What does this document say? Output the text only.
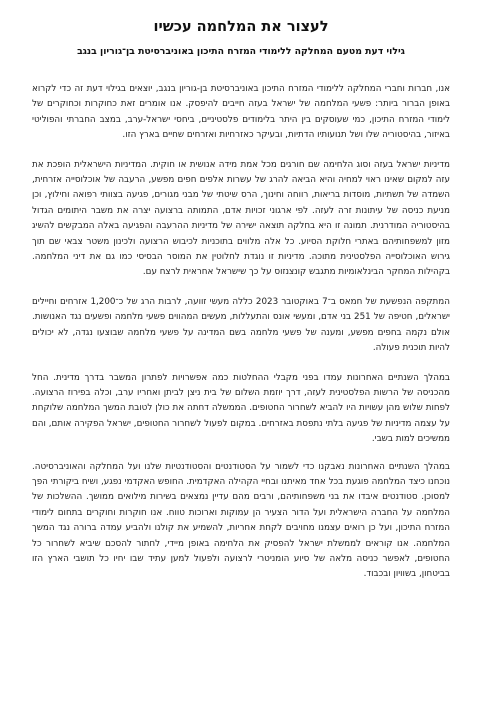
לעצור את המלחמה עכשיו
גילוי דעת מטעם המחלקה ללימודי המזרח התיכון באוניברסיטת בן־גוריון בנגב

אנו, חברות וחברי המחלקה ללימודי המזרח התיכון באוניברסיטת בן-גוריון בנגב, יוצאים בגילוי דעת זה כדי לקרוא באופן הברור ביותר: פשעי המלחמה של ישראל בעזה חייבים להיפסק. אנו אומרים זאת כחוקרות וכחוקרים של לימודי המזרח התיכון, כמי שעוסקים בין היתר בלימודים פלסטיניים, ביחסי ישראל-ערב, במצב החברתי והפוליטי באיזור, בהיסטוריה שלו ושל תנועותיו הדתיות, ובעיקר כאזרחיות ואזרחים שחיים בארץ הזו.

מדיניות ישראל בעזה וסוג הלחימה שם חורגים מכל אמת מידה אנושית או חוקית. המדיניות הישראלית הופכת את עזה למקום שאינו ראוי למחיה והיא הביאה להרג של עשרות אלפים חפים מפשע, הרעבה של אוכלוסייה אזרחית, השמדה של תשתיות, מוסדות בריאות, רווחה וחינוך, הרס שיטתי של מבני מגורים, פגיעה בצוותי רפואה וחילוץ, וכן מניעת כניסה של עיתונות זרה לעזה. לפי ארגוני זכויות אדם, התמותה ברצועה יצרה את משבר היתומים הגדול בהיסטוריה המודרנית. תמונה זו היא בחלקה תוצאה ישירה של מדיניות ההרעבה והפגיעה באלה המבקשים להשיג מזון למשפחותיהם באתרי חלוקת הסיוע. כל אלה מלווים בתוכניות לכיבוש הרצועה ולכינון משטר צבאי שם תוך גירוש האוכלוסייה הפלסטינית מתוכה. מדיניות זו נוגדת לחלוטין את המוסר הבסיסי כמו גם את דיני המלחמה. בקהילות המחקר הבינלאומיות מתגבש קונצנזוס על כך שישראל אחראית לרצח עם.

המתקפה הנפשעת של חמאס ב־7 באוקטובר 2023 כללה מעשי זוועה, לרבות הרג של כ־1,200 אזרחים וחיילים ישראלים, חטיפה של 251 בני אדם, ומעשי אונס והתעללות, מעשים המהווים פשעי מלחמה ופשעים נגד האנושות. אולם נקמה בחפים מפשע, ומענה של פשעי מלחמה בשם המדינה על פשעי מלחמה שבוצעו נגדה, לא יכולים להיות תוכנית פעולה.

במהלך השנתיים האחרונות עמדו בפני מקבלי ההחלטות כמה אפשרויות לפתרון המשבר בדרך מדינית. החל מהכניסה של הרשות הפלסטינית לעזה, דרך יוזמת השלום של בית ניצן לביתן ואחריו ערב, וכלה בפירוז הרצועה. לפחות שלוש מהן עשויות היו להביא לשחרור החטופים. הממשלה דחתה את כולן לטובת המשך המלחמה שלוקחת על עצמה מדיניות של פגיעה בלתי נתפסת באזרחים. במקום לפעול לשחרור החטופים, ישראל הפקירה אותם, והם ממשיכים למות בשבי.

במהלך השנתיים האחרונות נאבקנו כדי לשמור על הסטודנטים והסטודנטיות שלנו ועל המחלקה והאוניברסיטה. נוכחנו כיצד המלחמה פוגעת בכל אחד מאיתנו ובחיי הקהילה האקדמית. החופש האקדמי נפגע, ושיח ביקורתי הפך למסוכן. סטודנטים איבדו את בני משפחותיהם, ורבים מהם עדיין נמצאים בשירות מילואים ממושך. ההשלכות של המלחמה על החברה הישראלית ועל הדור הצעיר הן עמוקות וארוכות טווח. אנו חוקרות וחוקרים בתחום לימודי המזרח התיכון, ועל כן רואים עצמנו מחויבים לקחת אחריות, להשמיע את קולנו ולהביע עמדה ברורה נגד המשך המלחמה. אנו קוראים לממשלת ישראל להפסיק את הלחימה באופן מיידי, לחתור להסכם שיביא לשחרור כל החטופים, לאפשר כניסה מלאה של סיוע הומניטרי לרצועה ולפעול למען עתיד שבו יחיו כל תושבי הארץ הזו בביטחון, בשוויון ובכבוד.
